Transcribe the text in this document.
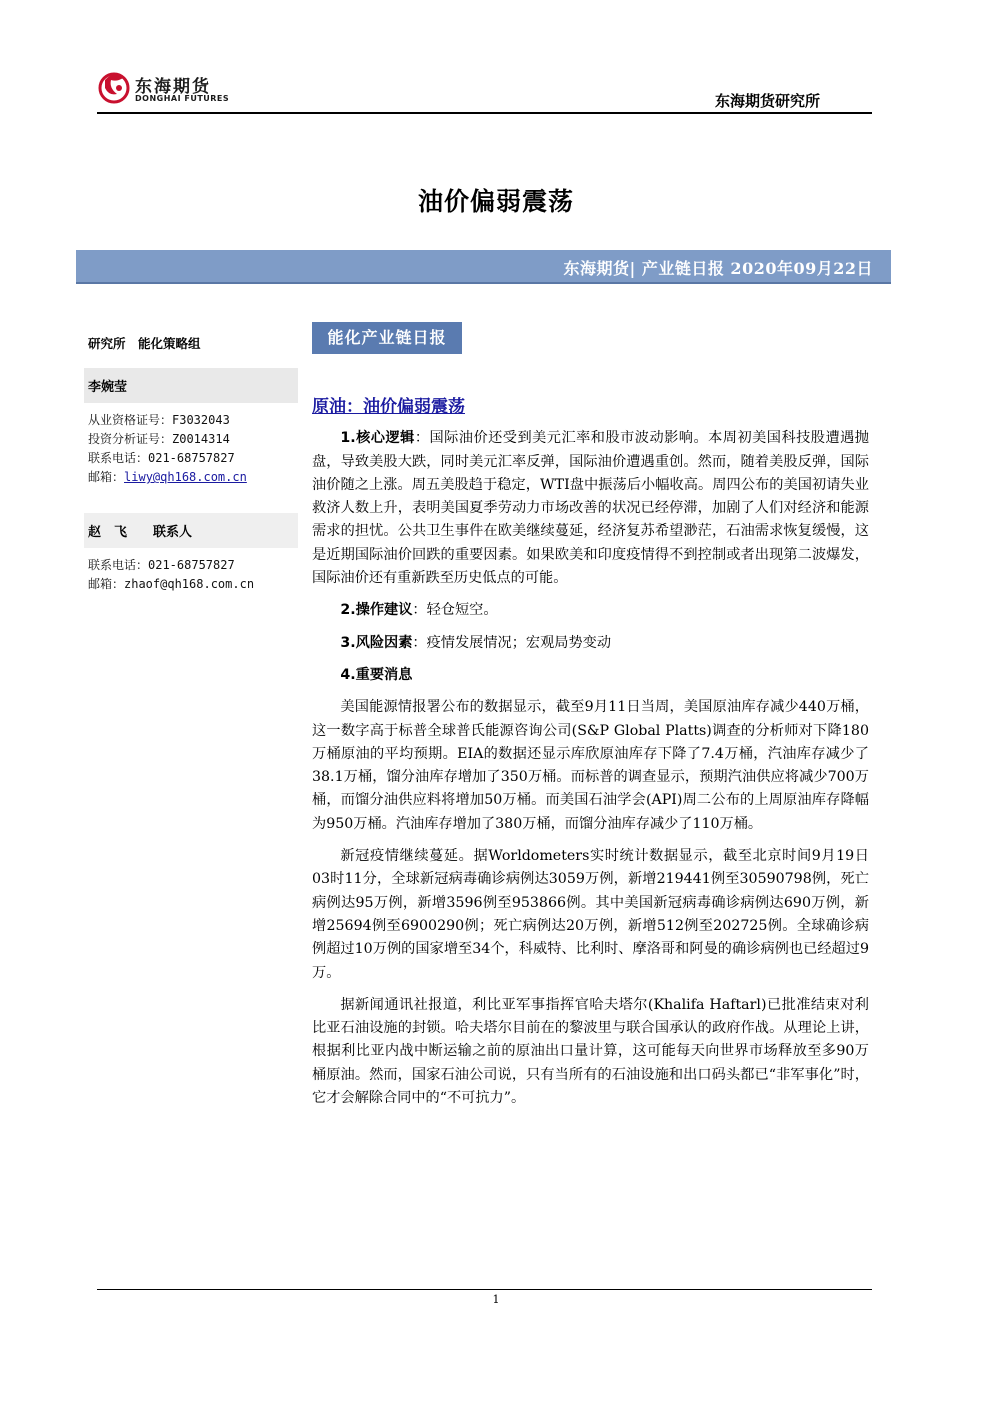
东海期货
DONGHAI FUTURES	东海期货研究所
油价偏弱震荡
东海期货| 产业链日报 2020年09月22日
研究所　能化策略组
李婉莹
从业资格证号：F3032043
投资分析证号：Z0014314
联系电话：021-68757827
邮箱：liwy@qh168.com.cn
赵　飞　　联系人
联系电话：021-68757827
邮箱：zhaof@qh168.com.cn
能化产业链日报
原油：油价偏弱震荡

1.核心逻辑：国际油价还受到美元汇率和股市波动影响。本周初美国科技股遭遇抛盘，导致美股大跌，同时美元汇率反弹，国际油价遭遇重创。然而，随着美股反弹，国际油价随之上涨。周五美股趋于稳定，WTI盘中振荡后小幅收高。周四公布的美国初请失业救济人数上升，表明美国夏季劳动力市场改善的状况已经停滞，加剧了人们对经济和能源需求的担忧。公共卫生事件在欧美继续蔓延，经济复苏希望渺茫，石油需求恢复缓慢，这是近期国际油价回跌的重要因素。如果欧美和印度疫情得不到控制或者出现第二波爆发，国际油价还有重新跌至历史低点的可能。

2.操作建议：轻仓短空。

3.风险因素：疫情发展情况；宏观局势变动

4.重要消息

美国能源情报署公布的数据显示，截至9月11日当周，美国原油库存减少440万桶，这一数字高于标普全球普氏能源咨询公司(S&P Global Platts)调查的分析师对下降180万桶原油的平均预期。EIA的数据还显示库欣原油库存下降了7.4万桶，汽油库存减少了38.1万桶，馏分油库存增加了350万桶。而标普的调查显示，预期汽油供应将减少700万桶，而馏分油供应料将增加50万桶。而美国石油学会(API)周二公布的上周原油库存降幅为950万桶。汽油库存增加了380万桶，而馏分油库存减少了110万桶。

新冠疫情继续蔓延。据Worldometers实时统计数据显示，截至北京时间9月19日03时11分，全球新冠病毒确诊病例达3059万例，新增219441例至30590798例，死亡病例达95万例，新增3596例至953866例。其中美国新冠病毒确诊病例达690万例，新增25694例至6900290例；死亡病例达20万例，新增512例至202725例。全球确诊病例超过10万例的国家增至34个，科威特、比利时、摩洛哥和阿曼的确诊病例也已经超过9万。

据新闻通讯社报道，利比亚军事指挥官哈夫塔尔(Khalifa Haftarl)已批准结束对利比亚石油设施的封锁。哈夫塔尔目前在的黎波里与联合国承认的政府作战。从理论上讲，根据利比亚内战中断运输之前的原油出口量计算，这可能每天向世界市场释放至多90万桶原油。然而，国家石油公司说，只有当所有的石油设施和出口码头都已“非军事化”时，它才会解除合同中的“不可抗力”。

1
